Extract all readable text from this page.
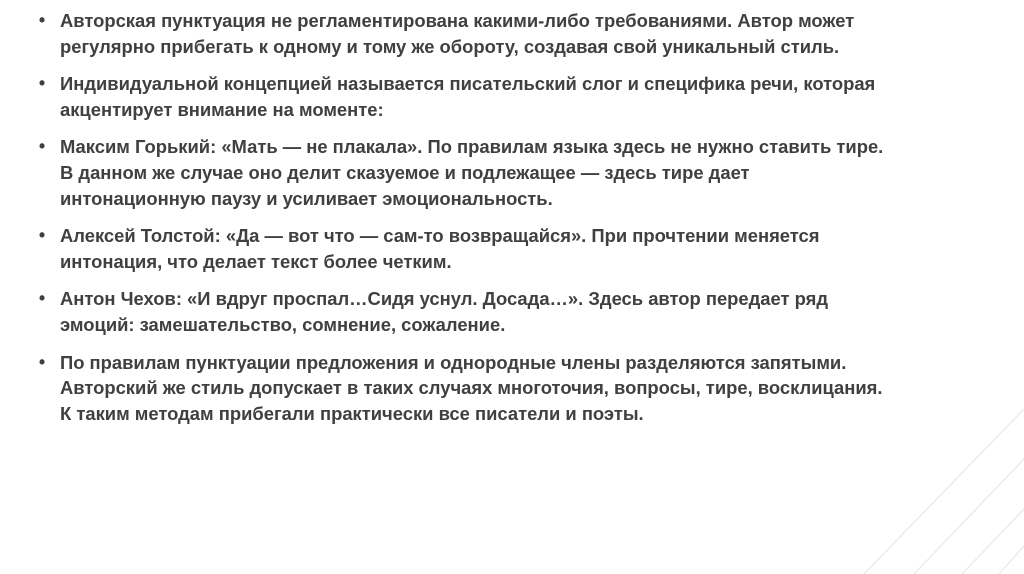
• Авторская пунктуация не регламентирована какими-либо требованиями. Автор может регулярно прибегать к одному и тому же обороту, создавая свой уникальный стиль.
• Индивидуальной концепцией называется писательский слог и специфика речи, которая акцентирует внимание на моменте:
• Максим Горький: «Мать — не плакала». По правилам языка здесь не нужно ставить тире. В данном же случае оно делит сказуемое и подлежащее — здесь тире дает интонационную паузу и усиливает эмоциональность.
• Алексей Толстой: «Да — вот что — сам-то возвращайся». При прочтении меняется интонация, что делает текст более четким.
• Антон Чехов: «И вдруг проспал…Сидя уснул. Досада…». Здесь автор передает ряд эмоций: замешательство, сомнение, сожаление.
• По правилам пунктуации предложения и однородные члены разделяются запятыми. Авторский же стиль допускает в таких случаях многоточия, вопросы, тире, восклицания. К таким методам прибегали практически все писатели и поэты.
